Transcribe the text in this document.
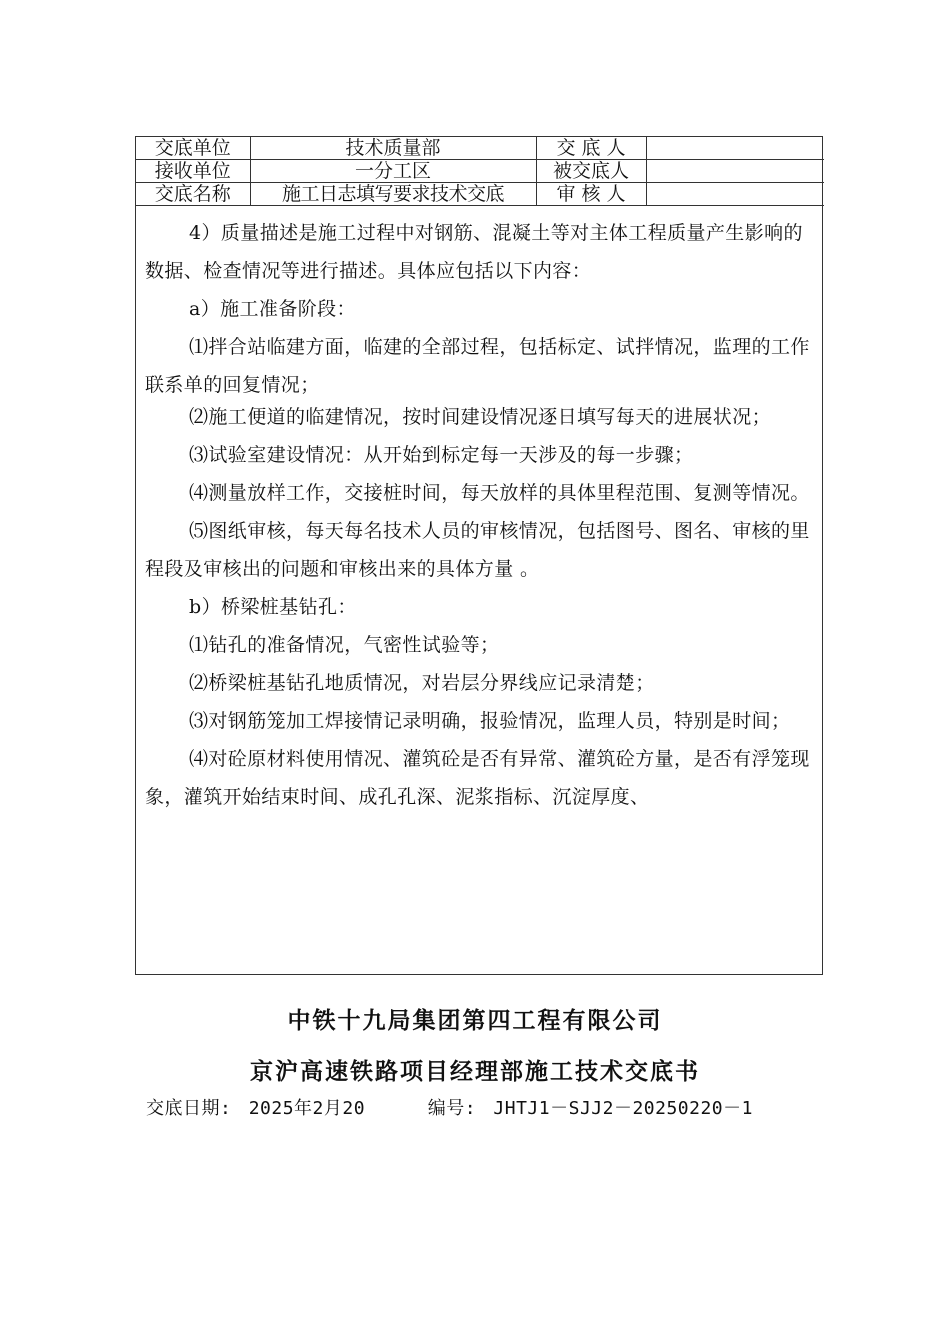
交底单位	技术质量部	交 底 人	
接收单位	一分工区	被交底人	
交底名称	施工日志填写要求技术交底	审 核 人	

4）质量描述是施工过程中对钢筋、混凝土等对主体工程质量产生影响的数据、检查情况等进行描述。具体应包括以下内容：

a）施工准备阶段：

⑴拌合站临建方面，临建的全部过程，包括标定、试拌情况，监理的工作联系单的回复情况；

⑵施工便道的临建情况，按时间建设情况逐日填写每天的进展状况；

⑶试验室建设情况：从开始到标定每一天涉及的每一步骤；

⑷测量放样工作，交接桩时间，每天放样的具体里程范围、复测等情况。

⑸图纸审核，每天每名技术人员的审核情况，包括图号、图名、审核的里程段及审核出的问题和审核出来的具体方量 。

b）桥梁桩基钻孔：

⑴钻孔的准备情况，气密性试验等；

⑵桥梁桩基钻孔地质情况，对岩层分界线应记录清楚；

⑶对钢筋笼加工焊接情记录明确，报验情况，监理人员，特别是时间；

⑷对砼原材料使用情况、灌筑砼是否有异常、灌筑砼方量，是否有浮笼现象，灌筑开始结束时间、成孔孔深、泥浆指标、沉淀厚度、

中铁十九局集团第四工程有限公司
京沪高速铁路项目经理部施工技术交底书
交底日期: 2025年2月20	编号: JHTJ1－SJJ2－20250220－1
